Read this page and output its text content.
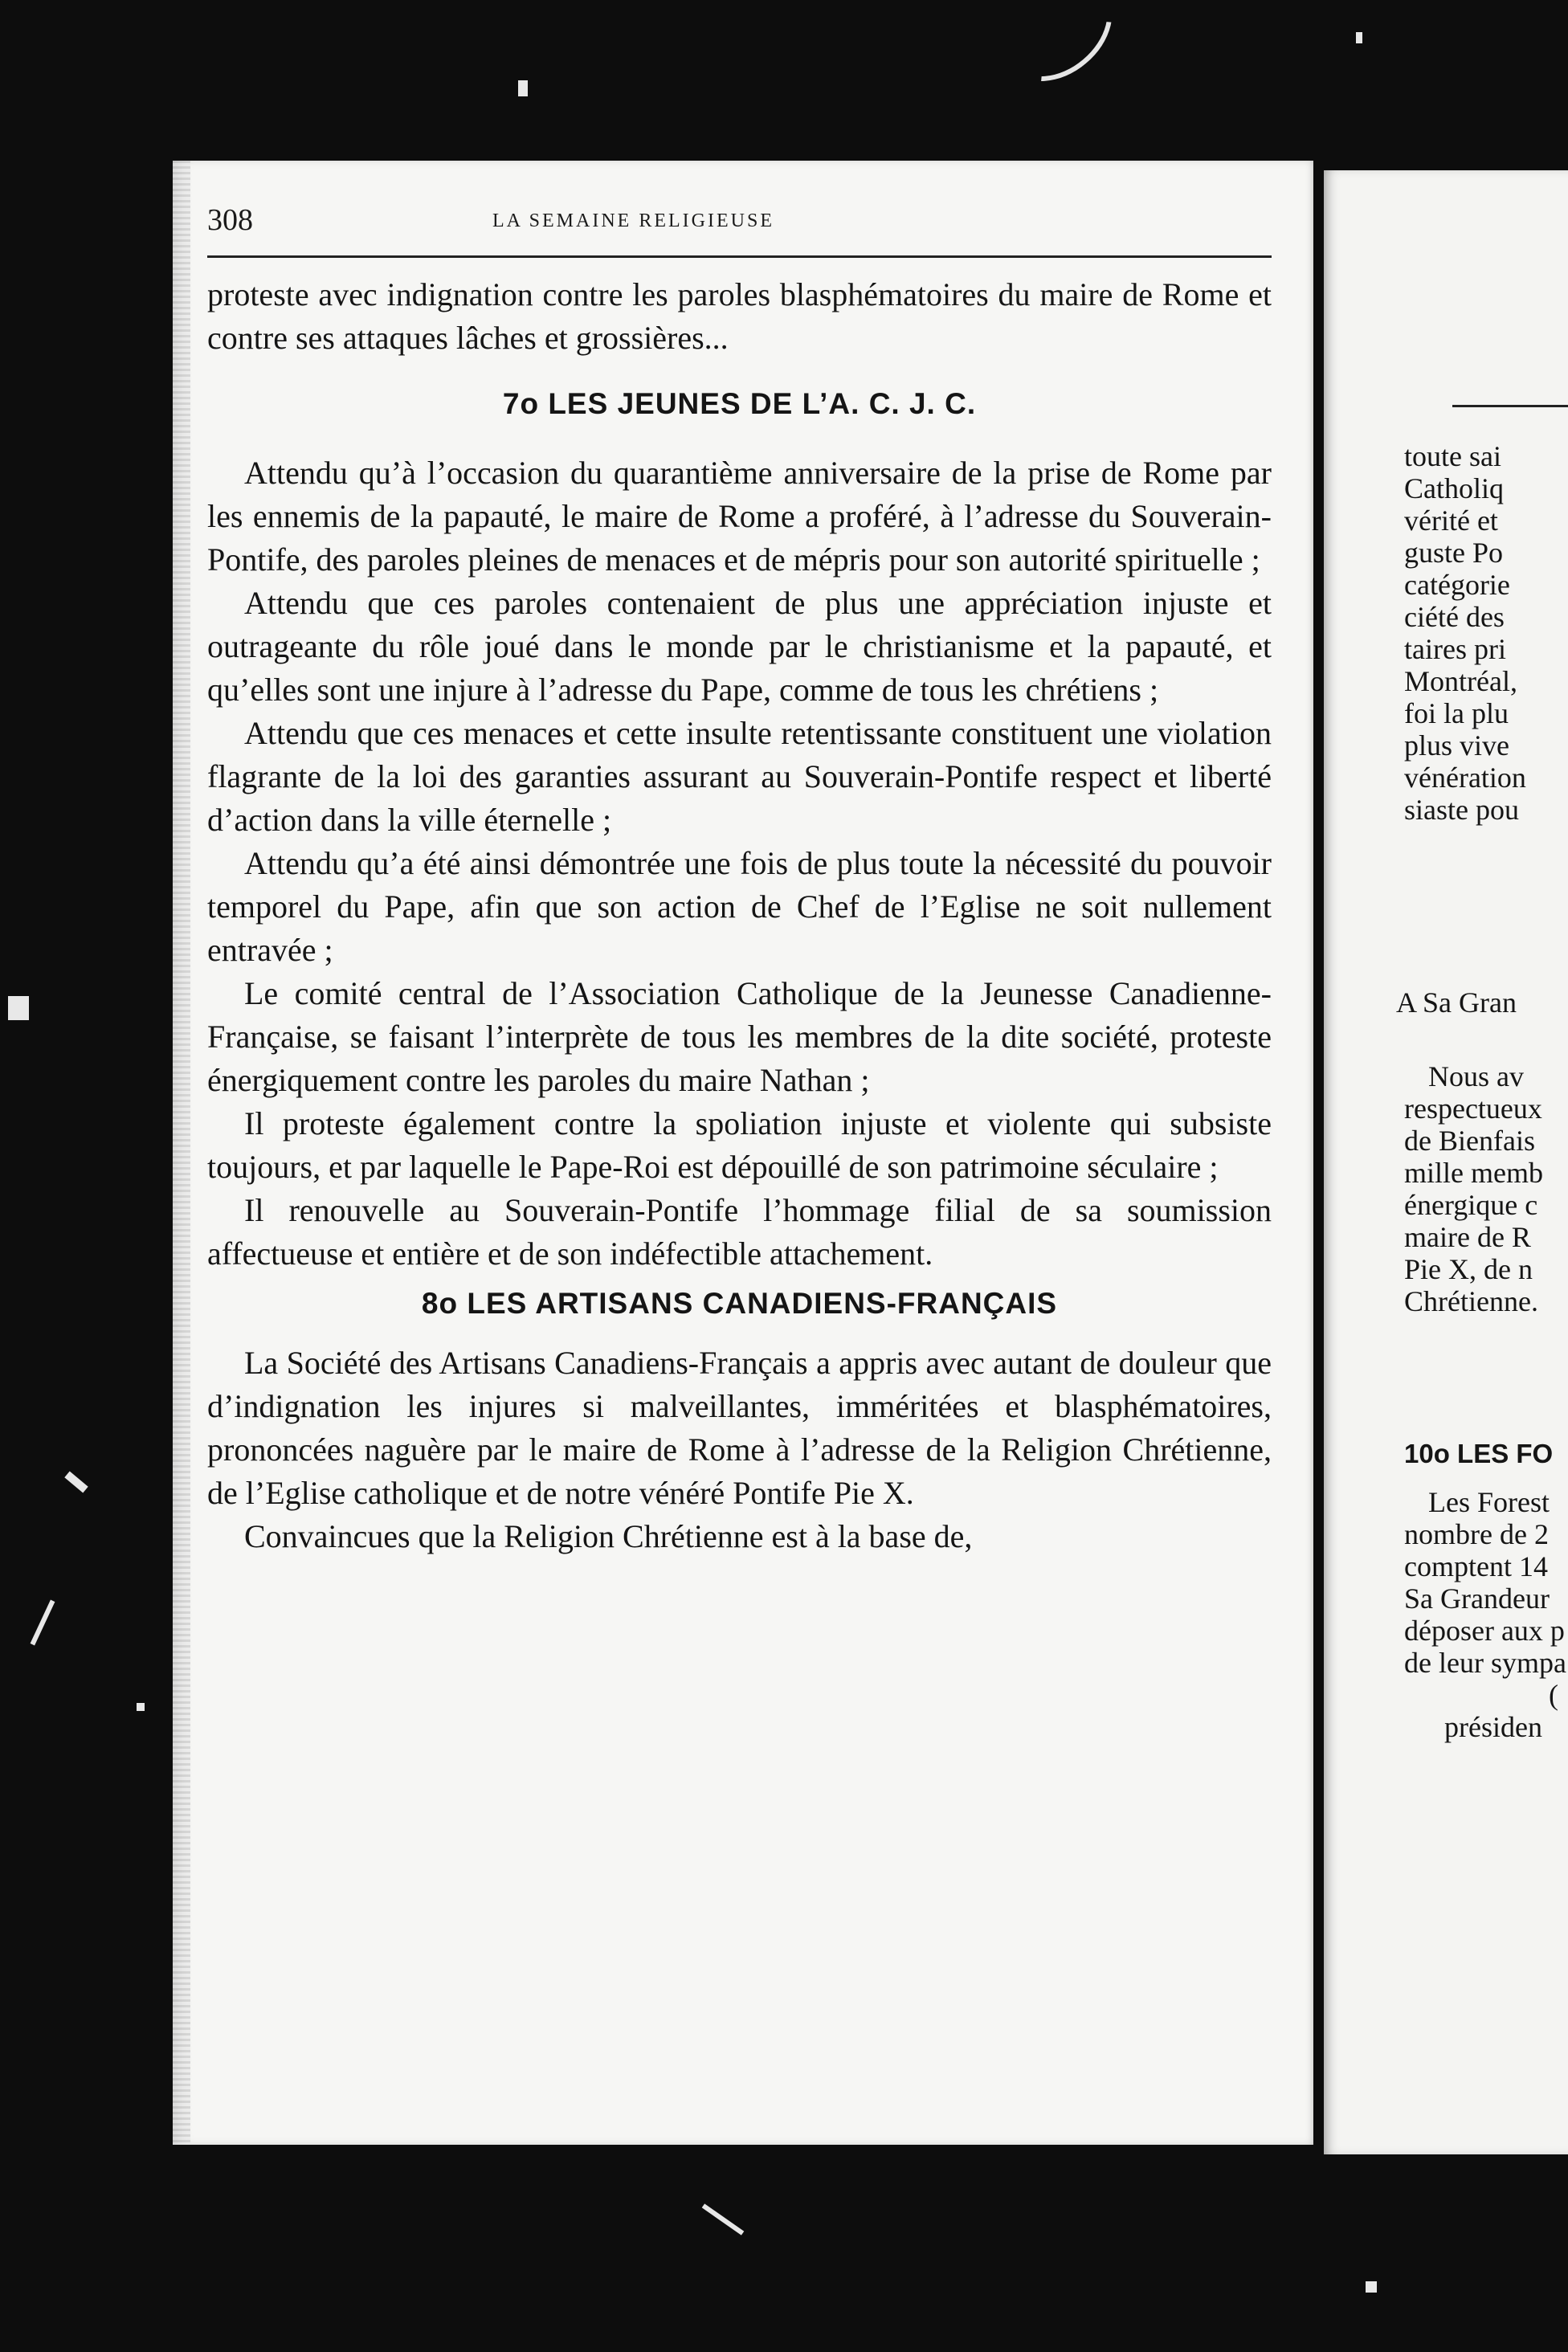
308	LA SEMAINE RELIGIEUSE

proteste avec indignation contre les paroles blasphématoires du maire de Rome et contre ses attaques lâches et grossières...

7o LES JEUNES DE L’A. C. J. C.

Attendu qu’à l’occasion du quarantième anniversaire de la prise de Rome par les ennemis de la papauté, le maire de Rome a proféré, à l’adresse du Souverain-Pontife, des paroles pleines de menaces et de mépris pour son autorité spirituelle ;

Attendu que ces paroles contenaient de plus une appréciation injuste et outrageante du rôle joué dans le monde par le christianisme et la papauté, et qu’elles sont une injure à l’adresse du Pape, comme de tous les chrétiens ;

Attendu que ces menaces et cette insulte retentissante constituent une violation flagrante de la loi des garanties assurant au Souverain-Pontife respect et liberté d’action dans la ville éternelle ;

Attendu qu’a été ainsi démontrée une fois de plus toute la nécessité du pouvoir temporel du Pape, afin que son action de Chef de l’Eglise ne soit nullement entravée ;

Le comité central de l’Association Catholique de la Jeunesse Canadienne-Française, se faisant l’interprète de tous les membres de la dite société, proteste énergiquement contre les paroles du maire Nathan ;

Il proteste également contre la spoliation injuste et violente qui subsiste toujours, et par laquelle le Pape-Roi est dépouillé de son patrimoine séculaire ;

Il renouvelle au Souverain-Pontife l’hommage filial de sa soumission affectueuse et entière et de son indéfectible attachement.

8o LES ARTISANS CANADIENS-FRANÇAIS

La Société des Artisans Canadiens-Français a appris avec autant de douleur que d’indignation les injures si malveillantes, imméritées et blasphématoires, prononcées naguère par le maire de Rome à l’adresse de la Religion Chrétienne, de l’Eglise catholique et de notre vénéré Pontife Pie X.

Convaincues que la Religion Chrétienne est à la base de,

toute sai
Catholiq
vérité et
guste Po
catégorie
ciété des
taires pri
Montréal,
foi la plu
plus vive
vénération
siaste pou
A Sa Gran
Nous av
respectueux
de Bienfais
mille memb
énergique c
maire de R
Pie X, de n
Chrétienne.
10o LES FO
Les Forest
nombre de 2
comptent 14
Sa Grandeur
déposer aux p
de leur sympa
(
présiden
